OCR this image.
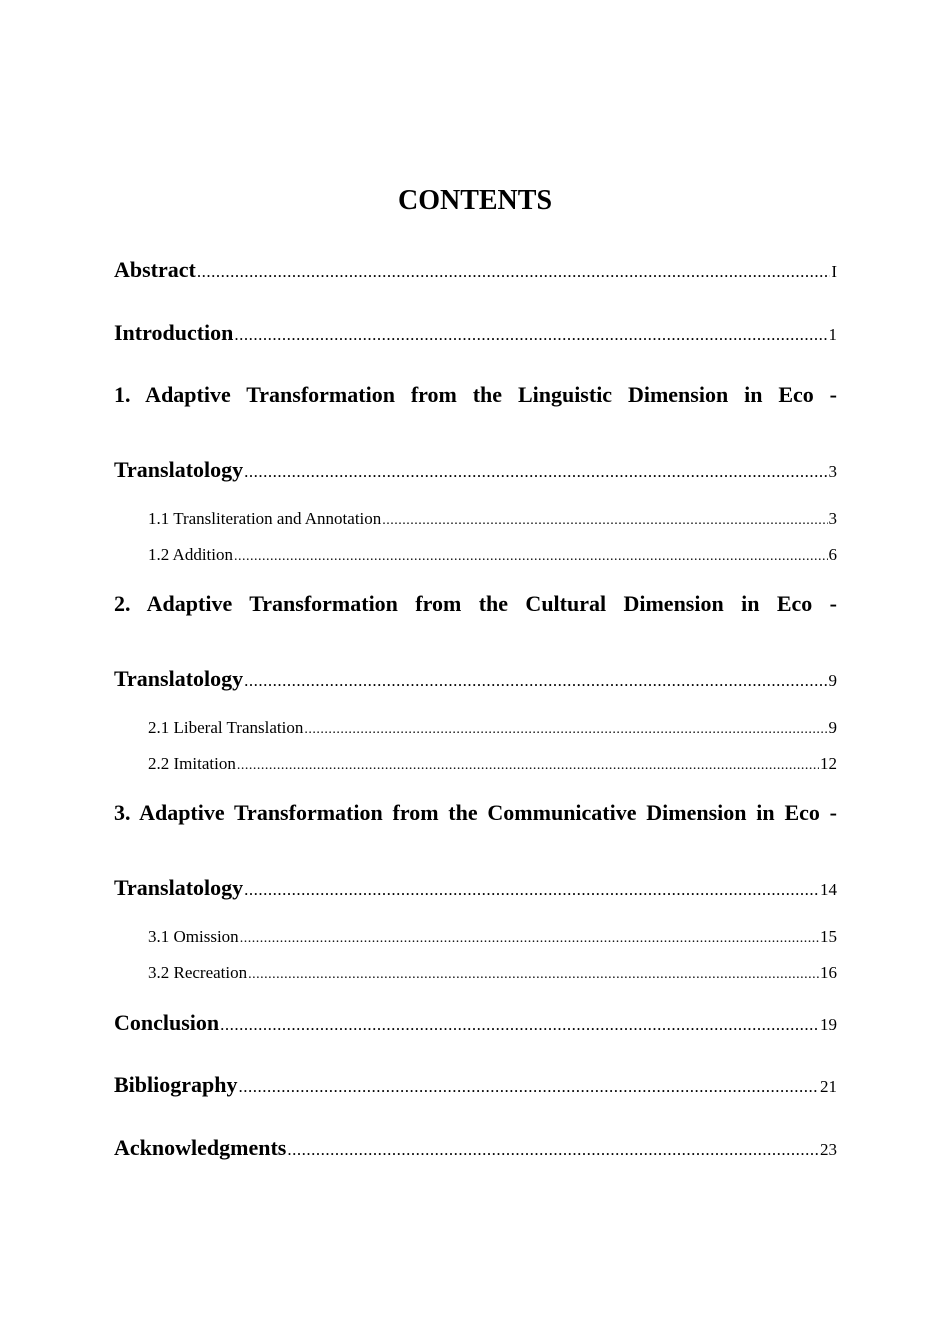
CONTENTS
Abstract .....	I
Introduction .....	1
1. Adaptive Transformation from the Linguistic Dimension in Eco -
Translatology .....	3
1.1 Transliteration and Annotation .....	3
1.2 Addition .....	6
2. Adaptive Transformation from the Cultural Dimension in Eco -
Translatology .....	9
2.1 Liberal Translation .....	9
2.2 Imitation .....	12
3. Adaptive Transformation from the Communicative Dimension in Eco -
Translatology .....	14
3.1 Omission .....	15
3.2 Recreation .....	16
Conclusion .....	19
Bibliography .....	21
Acknowledgments .....	23
